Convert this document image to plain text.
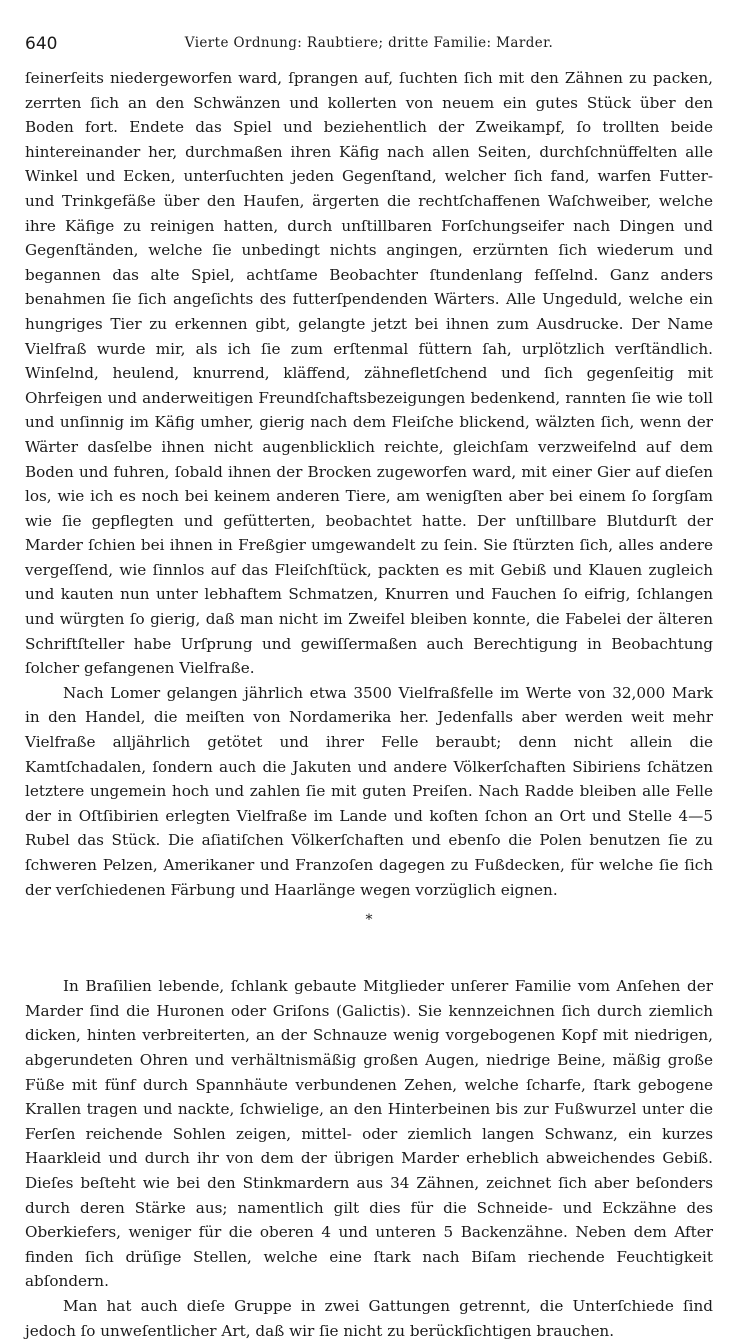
640	Vierte Ordnung: Raubtiere; dritte Familie: Marder.

ſeinerſeits niedergeworfen ward, ſprangen auf, ſuchten ſich mit den Zähnen zu packen, zerrten ſich an den Schwänzen und kollerten von neuem ein gutes Stück über den Boden fort. Endete das Spiel und beziehentlich der Zweikampf, ſo trollten beide hintereinander her, durchmaßen ihren Käfig nach allen Seiten, durchſchnüffelten alle Winkel und Ecken, unterſuchten jeden Gegenſtand, welcher ſich fand, warfen Futter- und Trinkgefäße über den Haufen, ärgerten die rechtſchaffenen Waſchweiber, welche ihre Käfige zu reinigen hatten, durch unſtillbaren Forſchungseifer nach Dingen und Gegenſtänden, welche ſie unbedingt nichts angingen, erzürnten ſich wiederum und begannen das alte Spiel, achtſame Beobachter ſtundenlang feſſelnd. Ganz anders benahmen ſie ſich angeſichts des futterſpendenden Wärters. Alle Ungeduld, welche ein hungriges Tier zu erkennen gibt, gelangte jetzt bei ihnen zum Ausdrucke. Der Name Vielfraß wurde mir, als ich ſie zum erſtenmal füttern ſah, urplötzlich verſtändlich. Winſelnd, heulend, knurrend, kläffend, zähnefletſchend und ſich gegenſeitig mit Ohrfeigen und anderweitigen Freundſchaftsbezeigungen bedenkend, rannten ſie wie toll und unſinnig im Käfig umher, gierig nach dem Fleiſche blickend, wälzten ſich, wenn der Wärter dasſelbe ihnen nicht augenblicklich reichte, gleichſam verzweifelnd auf dem Boden und fuhren, ſobald ihnen der Brocken zugeworfen ward, mit einer Gier auf dieſen los, wie ich es noch bei keinem anderen Tiere, am wenigſten aber bei einem ſo ſorgſam wie ſie gepflegten und gefütterten, beobachtet hatte. Der unſtillbare Blutdurſt der Marder ſchien bei ihnen in Freßgier umgewandelt zu ſein. Sie ſtürzten ſich, alles andere vergeſſend, wie ſinnlos auf das Fleiſchſtück, packten es mit Gebiß und Klauen zugleich und kauten nun unter lebhaftem Schmatzen, Knurren und Fauchen ſo eifrig, ſchlangen und würgten ſo gierig, daß man nicht im Zweifel bleiben konnte, die Fabelei der älteren Schriftſteller habe Urſprung und gewiſſermaßen auch Berechtigung in Beobachtung ſolcher gefangenen Vielfraße.

Nach Lomer gelangen jährlich etwa 3500 Vielfraßfelle im Werte von 32,000 Mark in den Handel, die meiſten von Nordamerika her. Jedenfalls aber werden weit mehr Vielfraße alljährlich getötet und ihrer Felle beraubt; denn nicht allein die Kamtſchadalen, ſondern auch die Jakuten und andere Völkerſchaften Sibiriens ſchätzen letztere ungemein hoch und zahlen ſie mit guten Preiſen. Nach Radde bleiben alle Felle der in Oſtſibirien erlegten Vielfraße im Lande und koſten ſchon an Ort und Stelle 4—5 Rubel das Stück. Die aſiatiſchen Völkerſchaften und ebenſo die Polen benutzen ſie zu ſchweren Pelzen, Amerikaner und Franzoſen dagegen zu Fußdecken, für welche ſie ſich der verſchiedenen Färbung und Haarlänge wegen vorzüglich eignen.

*

In Braſilien lebende, ſchlank gebaute Mitglieder unſerer Familie vom Anſehen der Marder ſind die Huronen oder Griſons (Galictis). Sie kennzeichnen ſich durch ziemlich dicken, hinten verbreiterten, an der Schnauze wenig vorgebogenen Kopf mit niedrigen, abgerundeten Ohren und verhältnismäßig großen Augen, niedrige Beine, mäßig große Füße mit fünf durch Spannhäute verbundenen Zehen, welche ſcharfe, ſtark gebogene Krallen tragen und nackte, ſchwielige, an den Hinterbeinen bis zur Fußwurzel unter die Ferſen reichende Sohlen zeigen, mittel- oder ziemlich langen Schwanz, ein kurzes Haarkleid und durch ihr von dem der übrigen Marder erheblich abweichendes Gebiß. Dieſes beſteht wie bei den Stinkmardern aus 34 Zähnen, zeichnet ſich aber beſonders durch deren Stärke aus; namentlich gilt dies für die Schneide- und Eckzähne des Oberkiefers, weniger für die oberen 4 und unteren 5 Backenzähne. Neben dem After finden ſich drüſige Stellen, welche eine ſtark nach Biſam riechende Feuchtigkeit abſondern.

Man hat auch dieſe Gruppe in zwei Gattungen getrennt, die Unterſchiede ſind jedoch ſo unweſentlicher Art, daß wir ſie nicht zu berückſichtigen brauchen.
